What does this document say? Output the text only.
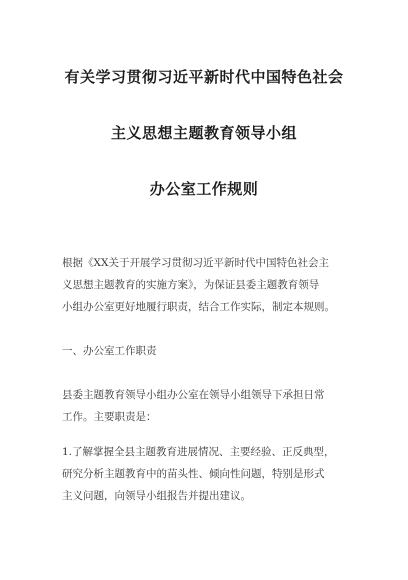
有关学习贯彻习近平新时代中国特色社会
主义思想主题教育领导小组
办公室工作规则
根据《XX关于开展学习贯彻习近平新时代中国特色社会主
义思想主题教育的实施方案》，为保证县委主题教育领导
小组办公室更好地履行职责，结合工作实际，制定本规则。
一、办公室工作职责
县委主题教育领导小组办公室在领导小组领导下承担日常
工作。主要职责是：
1.了解掌握全县主题教育进展情况、主要经验、正反典型，
研究分析主题教育中的苗头性、倾向性问题，特别是形式
主义问题，向领导小组报告并提出建议。
